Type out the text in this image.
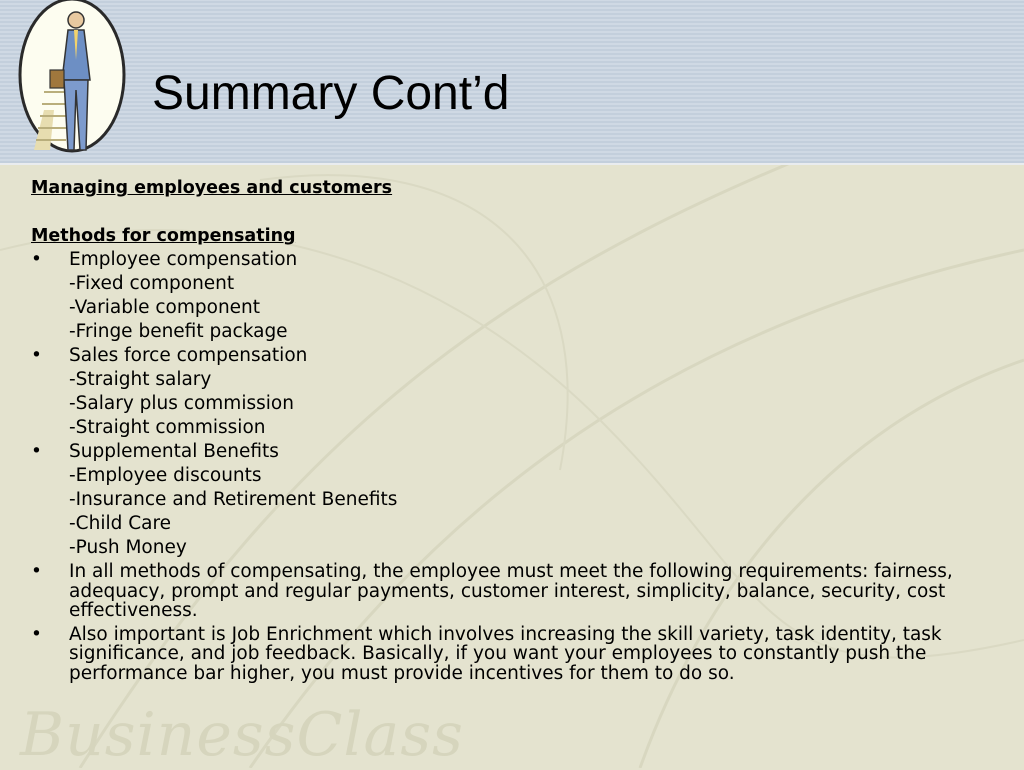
Summary Cont’d

Managing employees and customers

Methods for compensating

•	Employee compensation
-Fixed component
-Variable component
-Fringe benefit package
•	Sales force compensation
-Straight salary
-Salary plus commission
-Straight commission
•	Supplemental Benefits
-Employee discounts
-Insurance and Retirement Benefits
-Child Care
-Push Money
•	In all methods of compensating, the employee must meet the following requirements: fairness, adequacy, prompt and regular payments, customer interest, simplicity, balance, security, cost effectiveness.
•	Also important is Job Enrichment which involves increasing the skill variety, task identity, task significance, and job feedback. Basically, if you want your employees to constantly push the performance bar higher, you must provide incentives for them to do so.
BusinessClass
